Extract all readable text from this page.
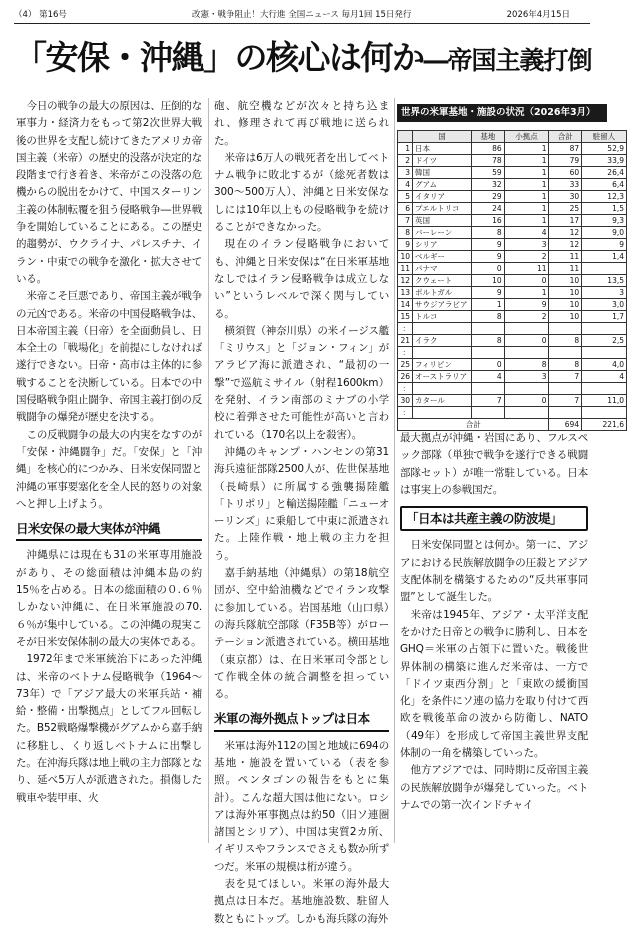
（4） 第16号	改憲・戦争阻止！大行進 全国ニュース 毎月1回 15日発行	2026年4月15日
「安保・沖縄」の核心は何か―帝国主義打倒

今日の戦争の最大の原因は、圧倒的な軍事力・経済力をもって第2次世界大戦後の世界を支配し続けてきたアメリカ帝国主義（米帝）の歴史的没落が決定的な段階まで行き着き、米帝がこの没落の危機からの脱出をかけて、中国スターリン主義の体制転覆を狙う侵略戦争―世界戦争を開始していることにある。この歴史的趨勢が、ウクライナ、パレスチナ、イラン・中東での戦争を激化・拡大させている。

米帝こそ巨悪であり、帝国主義が戦争の元凶である。米帝の中国侵略戦争は、日本帝国主義（日帝）を全面動員し、日本全土の「戦場化」を前提にしなければ遂行できない。日帝・高市は主体的に参戦することを決断している。日本での中国侵略戦争阻止闘争、帝国主義打倒の反戦闘争の爆発が歴史を決する。

この反戦闘争の最大の内実をなすのが「安保・沖縄闘争」だ。「安保」と「沖縄」を核心的につかみ、日米安保同盟と沖縄の軍事要塞化を全人民的怒りの対象へと押し上げよう。

日米安保の最大実体が沖縄

沖縄県には現在も31の米軍専用施設があり、その総面積は沖縄本島の約15％を占める。日本の総面積の０.６％しかない沖縄に、在日米軍施設の70.６％が集中している。この沖縄の現実こそが日米安保体制の最大の実体である。

1972年まで米軍統治下にあった沖縄は、米帝のベトナム侵略戦争（1964～73年）で「アジア最大の米軍兵站・補給・整備・出撃拠点」としてフル回転した。B52戦略爆撃機がグアムから嘉手納に移駐し、くり返しベトナムに出撃した。在沖海兵隊は地上戦の主力部隊となり、延べ5万人が派遣された。損傷した戦車や装甲車、火

砲、航空機などが次々と持ち込まれ、修理されて再び戦地に送られた。

米帝は6万人の戦死者を出してベトナム戦争に敗北するが（総死者数は300～500万人）、沖縄と日米安保なしには10年以上もの侵略戦争を続けることができなかった。

現在のイラン侵略戦争においても、沖縄と日米安保は“在日米軍基地なしではイラン侵略戦争は成立しない”というレベルで深く関与している。

横須賀（神奈川県）の米イージス艦「ミリウス」と「ジョン・フィン」がアラビア海に派遣され、“最初の一撃”で巡航ミサイル（射程1600km）を発射、イラン南部のミナブの小学校に着弾させた可能性が高いと言われている（170名以上を殺害）。

沖縄のキャンプ・ハンセンの第31海兵遠征部隊2500人が、佐世保基地（長崎県）に所属する強襲揚陸艦「トリポリ」と輸送揚陸艦「ニューオーリンズ」に乗船して中東に派遣された。上陸作戦・地上戦の主力を担う。

嘉手納基地（沖縄県）の第18航空団が、空中給油機などでイラン攻撃に参加している。岩国基地（山口県）の海兵隊航空部隊（F35B等）がローテーション派遣されている。横田基地（東京都）は、在日米軍司令部として作戦全体の統合調整を担っている。

米軍の海外拠点トップは日本

米軍は海外112の国と地域に694の基地・施設を置いている（表を参照。ペンタゴンの報告をもとに集計）。こんな超大国は他にない。ロシアは海外軍事拠点は約50（旧ソ連圏諸国とシリア）、中国は実質2カ所、イギリスやフランスでさえも数か所ずつだ。米軍の規模は桁が違う。

表を見てほしい。米軍の海外最大拠点は日本だ。基地施設数、駐留人数ともにトップ。しかも海兵隊の海外

世界の米軍基地・施設の状況（2026年3月）
	国	基地	小拠点	合計	駐留人
1	日本	86	1	87	52,9
2	ドイツ	78	1	79	33,9
3	韓国	59	1	60	26,4
4	グアム	32	1	33	6,4
5	イタリア	29	1	30	12,3
6	プエルトリコ	24	1	25	1,5
7	英国	16	1	17	9,3
8	バーレーン	8	4	12	9,0
9	シリア	9	3	12	9
10	ベルギー	9	2	11	1,4
11	パナマ	0	11	11	
12	クウェート	10	0	10	13,5
13	ポルトガル	9	1	10	3
14	サウジアラビア	1	9	10	3,0
15	トルコ	8	2	10	1,7
：					
21	イラク	8	0	8	2,5
：					
25	フィリピン	0	8	8	4,0
26	オーストラリア	4	3	7	4
：					
30	カタール	7	0	7	11,0
：					
合計				694	221,6

最大拠点が沖縄・岩国にあり、フルスペック部隊（単独で戦争を遂行できる戦闘部隊セット）が唯一常駐している。日本は事実上の参戦国だ。

「日本は共産主義の防波堤」

日米安保同盟とは何か。第一に、アジアにおける民族解放闘争の圧殺とアジア支配体制を構築するための“反共軍事同盟”として誕生した。

米帝は1945年、アジア・太平洋支配をかけた日帝との戦争に勝利し、日本をGHQ＝米軍の占領下に置いた。戦後世界体制の構築に進んだ米帝は、一方で「ドイツ東西分割」と「東欧の緩衝国化」を条件にソ連の協力を取り付けて西欧を戦後革命の波から防衛し、NATO（49年）を形成して帝国主義世界支配体制の一角を構築していった。

他方アジアでは、同時期に反帝国主義の民族解放闘争が爆発していった。ベトナムでの第一次インドチャイ
